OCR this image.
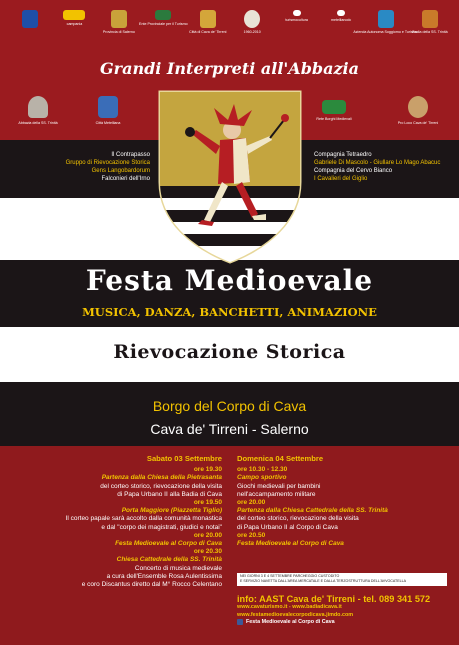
campania
Provincia di Salerno
Ente Provinciale per il Turismo
Città di Cava de' Tirreni	1960-2010
turismocultura	metellianodc
Azienda Autonoma Soggiorno e Turismo
Badia della SS. Trinità
Grandi Interpreti all'Abbazia
Abbazia della SS. Trinità	Città Metelliana
Rete Borghi Medievali
Pro Loco Cava de' Tirreni
Il Contrapasso
Gruppo di Rievocazione Storica
Gens Langobardorum
Falconieri dell'Irno
Compagnia Tetraedro
Gabriele Di Mascolo - Giullare Lo Mago Abacuc
Compagnia del Cervo Bianco
I Cavalieri del Giglio
Festa Medioevale
MUSICA, DANZA, BANCHETTI, ANIMAZIONE
Rievocazione Storica
Borgo del Corpo di Cava
Cava de' Tirreni - Salerno
Sabato 03 Settembre
ore 19.30
Partenza dalla Chiesa della Pietrasanta
del corteo storico, rievocazione della visita
di Papa Urbano II alla Badia di Cava
ore 19.50
Porta Maggiore (Piazzetta Tiglio)
Il corteo papale sarà accolto dalla comunità monastica
e dal "corpo dei magistrati, giudici e notai"
ore 20.00
Festa Medioevale al Corpo di Cava
ore 20.30
Chiesa Cattedrale della SS. Trinità
Concerto di musica medievale
a cura dell'Ensemble Rosa Aulentissima
e coro Discantus diretto dal M° Rocco Celentano
Domenica 04 Settembre
ore 10.30 - 12.30
Campo sportivo
Giochi medievali per bambini
nell'accampamento militare
ore 20.00
Partenza dalla Chiesa Cattedrale della SS. Trinità
del corteo storico, rievocazione della visita
di Papa Urbano II al Corpo di Cava
ore 20.50
Festa Medioevale al Corpo di Cava
NEI GIORNI 3 E 4 SETTEMBRE PARCHEGGIO CUSTODITO
E SERVIZIO NAVETTA DALL'AREA MERCATALE E DALLA TERZOSTRUTTURA DELL'AVVOCATELLA
info: AAST Cava de' Tirreni - tel. 089 341 572
www.cavaturismo.it - www.badiadicava.it
www.festamedioevalecorpodicava.jimdo.com
Festa Medioevale al Corpo di Cava
